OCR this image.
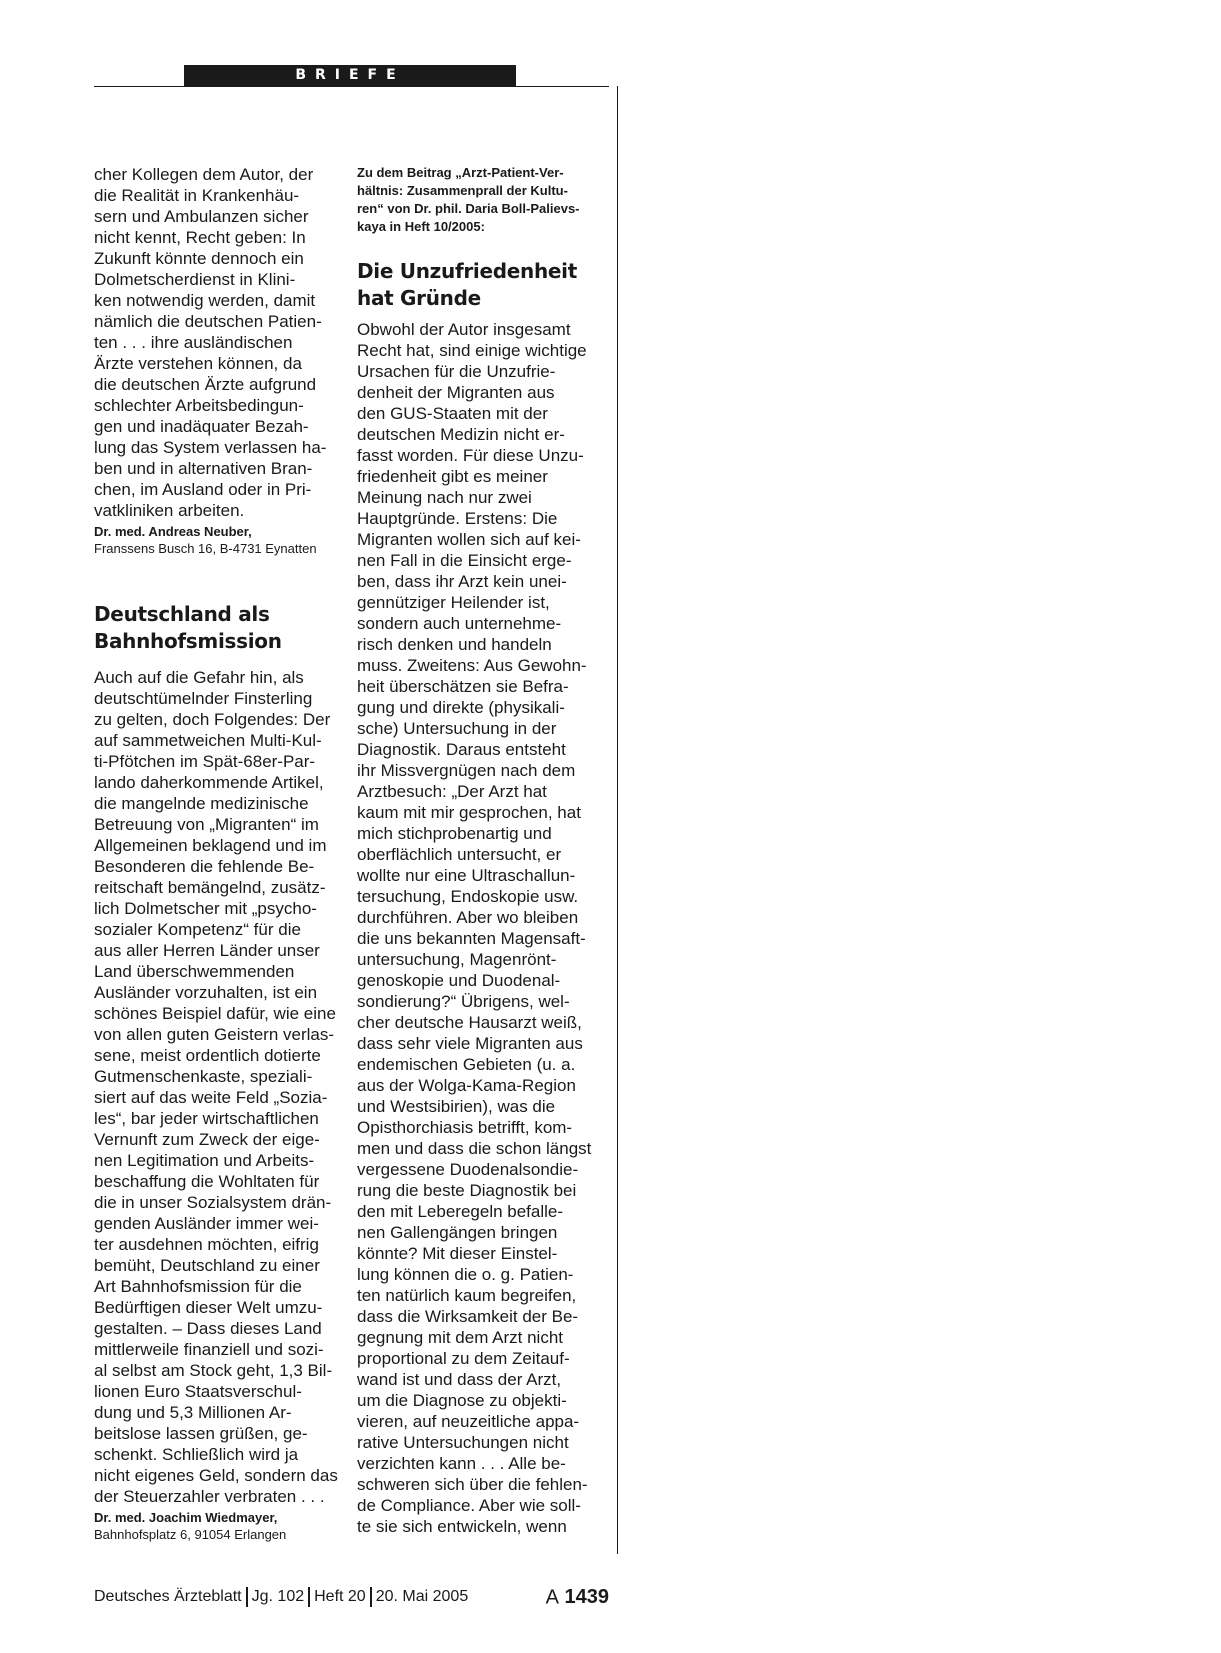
BRIEFE

cher Kollegen dem Autor, der
die Realität in Krankenhäu-
sern und Ambulanzen sicher
nicht kennt, Recht geben: In
Zukunft könnte dennoch ein
Dolmetscherdienst in Klini-
ken notwendig werden, damit
nämlich die deutschen Patien-
ten . . . ihre ausländischen
Ärzte verstehen können, da
die deutschen Ärzte aufgrund
schlechter Arbeitsbedingun-
gen und inadäquater Bezah-
lung das System verlassen ha-
ben und in alternativen Bran-
chen, im Ausland oder in Pri-
vatkliniken arbeiten.

Dr. med. Andreas Neuber,

Franssens Busch 16, B-4731 Eynatten

Deutschland als
Bahnhofsmission

Auch auf die Gefahr hin, als
deutschtümelnder Finsterling
zu gelten, doch Folgendes: Der
auf sammetweichen Multi-Kul-
ti-Pfötchen im Spät-68er-Par-
lando daherkommende Artikel,
die mangelnde medizinische
Betreuung von „Migranten“ im
Allgemeinen beklagend und im
Besonderen die fehlende Be-
reitschaft bemängelnd, zusätz-
lich Dolmetscher mit „psycho-
sozialer Kompetenz“ für die
aus aller Herren Länder unser
Land überschwemmenden
Ausländer vorzuhalten, ist ein
schönes Beispiel dafür, wie eine
von allen guten Geistern verlas-
sene, meist ordentlich dotierte
Gutmenschenkaste, speziali-
siert auf das weite Feld „Sozia-
les“, bar jeder wirtschaftlichen
Vernunft zum Zweck der eige-
nen Legitimation und Arbeits-
beschaffung die Wohltaten für
die in unser Sozialsystem drän-
genden Ausländer immer wei-
ter ausdehnen möchten, eifrig
bemüht, Deutschland zu einer
Art Bahnhofsmission für die
Bedürftigen dieser Welt umzu-
gestalten. – Dass dieses Land
mittlerweile finanziell und sozi-
al selbst am Stock geht, 1,3 Bil-
lionen Euro Staatsverschul-
dung und 5,3 Millionen Ar-
beitslose lassen grüßen, ge-
schenkt. Schließlich wird ja
nicht eigenes Geld, sondern das
der Steuerzahler verbraten . . .

Dr. med. Joachim Wiedmayer,

Bahnhofsplatz 6, 91054 Erlangen

Zu dem Beitrag „Arzt-Patient-Ver-
hältnis: Zusammenprall der Kultu-
ren“ von Dr. phil. Daria Boll-Palievs-
kaya in Heft 10/2005:

Die Unzufriedenheit
hat Gründe

Obwohl der Autor insgesamt
Recht hat, sind einige wichtige
Ursachen für die Unzufrie-
denheit der Migranten aus
den GUS-Staaten mit der
deutschen Medizin nicht er-
fasst worden. Für diese Unzu-
friedenheit gibt es meiner
Meinung nach nur zwei
Hauptgründe. Erstens: Die
Migranten wollen sich auf kei-
nen Fall in die Einsicht erge-
ben, dass ihr Arzt kein unei-
gennütziger Heilender ist,
sondern auch unternehme-
risch denken und handeln
muss. Zweitens: Aus Gewohn-
heit überschätzen sie Befra-
gung und direkte (physikali-
sche) Untersuchung in der
Diagnostik. Daraus entsteht
ihr Missvergnügen nach dem
Arztbesuch: „Der Arzt hat
kaum mit mir gesprochen, hat
mich stichprobenartig und
oberflächlich untersucht, er
wollte nur eine Ultraschallun-
tersuchung, Endoskopie usw.
durchführen. Aber wo bleiben
die uns bekannten Magensaft-
untersuchung, Magenrönt-
genoskopie und Duodenal-
sondierung?“ Übrigens, wel-
cher deutsche Hausarzt weiß,
dass sehr viele Migranten aus
endemischen Gebieten (u. a.
aus der Wolga-Kama-Region
und Westsibirien), was die
Opisthorchiasis betrifft, kom-
men und dass die schon längst
vergessene Duodenalsondie-
rung die beste Diagnostik bei
den mit Leberegeln befalle-
nen Gallengängen bringen
könnte? Mit dieser Einstel-
lung können die o. g. Patien-
ten natürlich kaum begreifen,
dass die Wirksamkeit der Be-
gegnung mit dem Arzt nicht
proportional zu dem Zeitauf-
wand ist und dass der Arzt,
um die Diagnose zu objekti-
vieren, auf neuzeitliche appa-
rative Untersuchungen nicht
verzichten kann . . . Alle be-
schweren sich über die fehlen-
de Compliance. Aber wie soll-
te sie sich entwickeln, wenn

Deutsches Ärzteblatt Jg. 102 Heft 20 20. Mai 2005	A 1439
